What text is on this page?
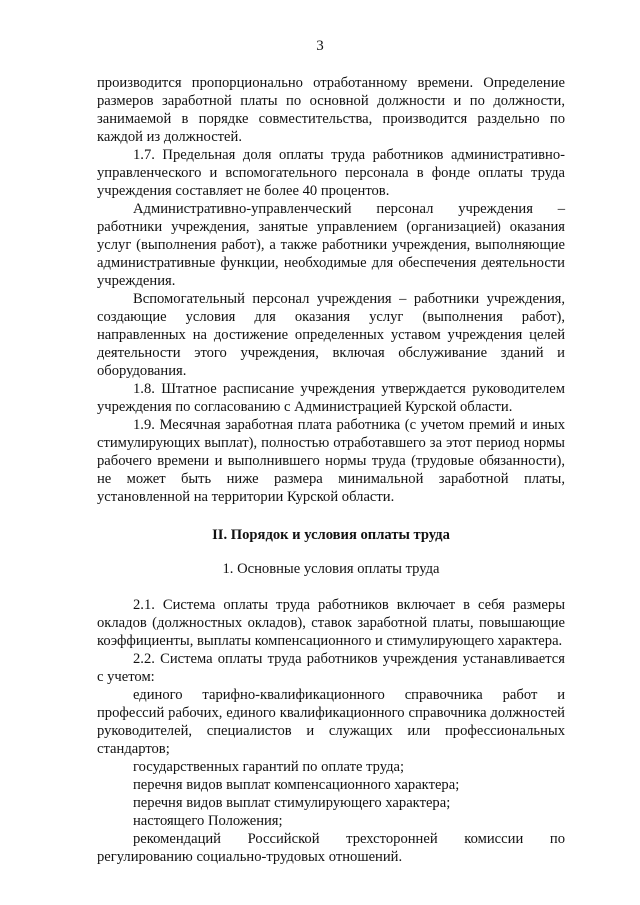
3

производится пропорционально отработанному времени. Определение размеров заработной платы по основной должности и по должности, занимаемой в порядке совместительства, производится раздельно по каждой из должностей.

1.7. Предельная доля оплаты труда работников административно-управленческого и вспомогательного персонала в фонде оплаты труда учреждения составляет не более 40 процентов.

Административно-управленческий персонал учреждения – работники учреждения, занятые управлением (организацией) оказания услуг (выполнения работ), а также работники учреждения, выполняющие административные функции, необходимые для обеспечения деятельности учреждения.

Вспомогательный персонал учреждения – работники учреждения, создающие условия для оказания услуг (выполнения работ), направленных на достижение определенных уставом учреждения целей деятельности этого учреждения, включая обслуживание зданий и оборудования.

1.8. Штатное расписание учреждения утверждается руководителем учреждения по согласованию с Администрацией Курской области.

1.9. Месячная заработная плата работника (с учетом премий и иных стимулирующих выплат), полностью отработавшего за этот период нормы рабочего времени и выполнившего нормы труда (трудовые обязанности), не может быть ниже размера минимальной заработной платы, установленной на территории Курской области.

II. Порядок и условия оплаты труда

1. Основные условия оплаты труда

2.1. Система оплаты труда работников включает в себя размеры окладов (должностных окладов), ставок заработной платы, повышающие коэффициенты, выплаты компенсационного и стимулирующего характера.

2.2. Система оплаты труда работников учреждения устанавливается с учетом:

единого тарифно-квалификационного справочника работ и профессий рабочих, единого квалификационного справочника должностей руководителей, специалистов и служащих или профессиональных стандартов;

государственных гарантий по оплате труда;

перечня видов выплат компенсационного характера;

перечня видов выплат стимулирующего характера;

настоящего Положения;

рекомендаций Российской трехсторонней комиссии по регулированию социально-трудовых отношений.
